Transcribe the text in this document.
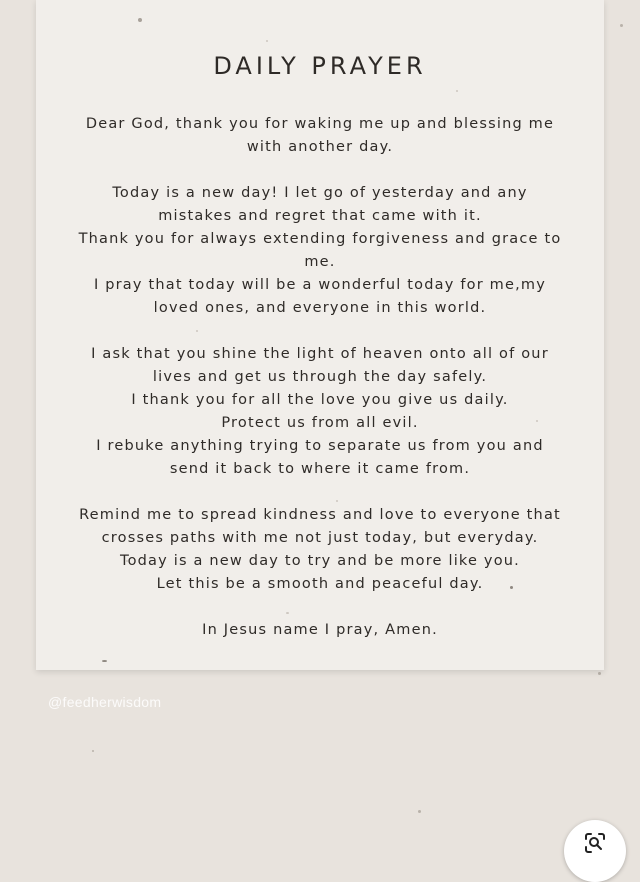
DAILY PRAYER
Dear God, thank you for waking me up and blessing me
with another day.
Today is a new day! I let go of yesterday and any
mistakes and regret that came with it.
Thank you for always extending forgiveness and grace to
me.
I pray that today will be a wonderful today for me,my
loved ones, and everyone in this world.
I ask that you shine the light of heaven onto all of our
lives and get us through the day safely.
I thank you for all the love you give us daily.
Protect us from all evil.
I rebuke anything trying to separate us from you and
send it back to where it came from.
Remind me to spread kindness and love to everyone that
crosses paths with me not just today, but everyday.
Today is a new day to try and be more like you.
Let this be a smooth and peaceful day.
In Jesus name I pray, Amen.
@feedherwisdom
